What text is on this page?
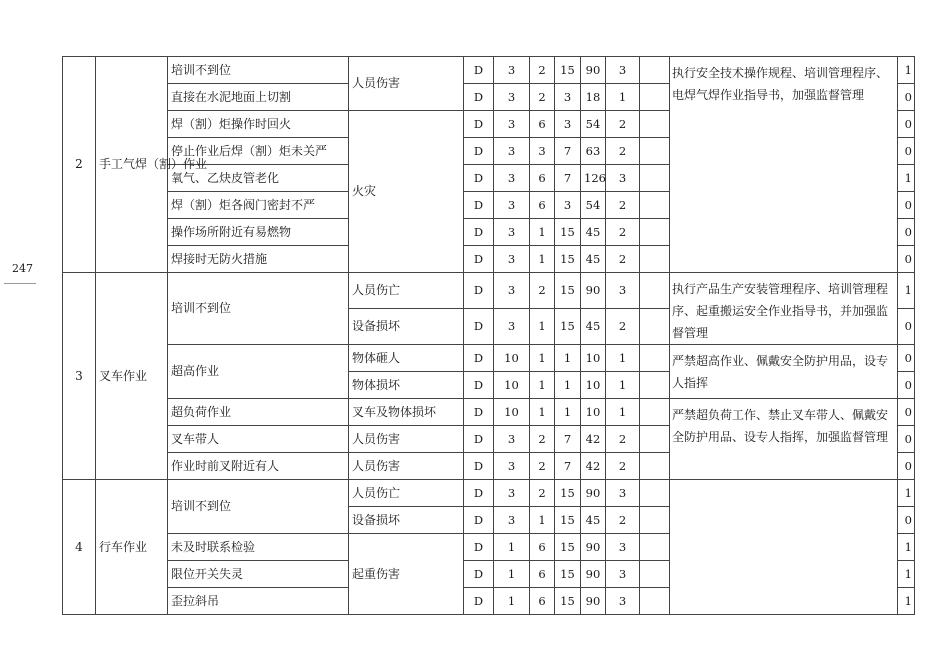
247
2	手工气焊（割）作业	培训不到位	人员伤害	D	3	2	15	90	3		执行安全技术操作规程、培训管理程序、电焊气焊作业指导书，加强监督管理	1
		直接在水泥地面上切割		D	3	2	3	18	1			0
		焊（割）炬操作时回火	火灾	D	3	6	3	54	2			0
		停止作业后焊（割）炬未关严		D	3	3	7	63	2			0
		氧气、乙炔皮管老化		D	3	6	7	126	3			1
		焊（割）炬各阀门密封不严		D	3	6	3	54	2			0
		操作场所附近有易燃物		D	3	1	15	45	2			0
		焊接时无防火措施		D	3	1	15	45	2			0
3	叉车作业	培训不到位	人员伤亡	D	3	2	15	90	3		执行产品生产安装管理程序、培训管理程序、起重搬运安全作业指导书，并加强监督管理	1
			设备损坏	D	3	1	15	45	2			0
		超高作业	物体砸人	D	10	1	1	10	1		严禁超高作业、佩戴安全防护用品，设专人指挥	0
			物体损坏	D	10	1	1	10	1			0
		超负荷作业	叉车及物体损坏	D	10	1	1	10	1		严禁超负荷工作、禁止叉车带人、佩戴安全防护用品、设专人指挥，加强监督管理	0
		叉车带人	人员伤害	D	3	2	7	42	2			0
		作业时前叉附近有人	人员伤害	D	3	2	7	42	2			0
4	行车作业	培训不到位	人员伤亡	D	3	2	15	90	3			1
			设备损坏	D	3	1	15	45	2			0
		未及时联系检验	起重伤害	D	1	6	15	90	3			1
		限位开关失灵		D	1	6	15	90	3			1
		歪拉斜吊		D	1	6	15	90	3			1
